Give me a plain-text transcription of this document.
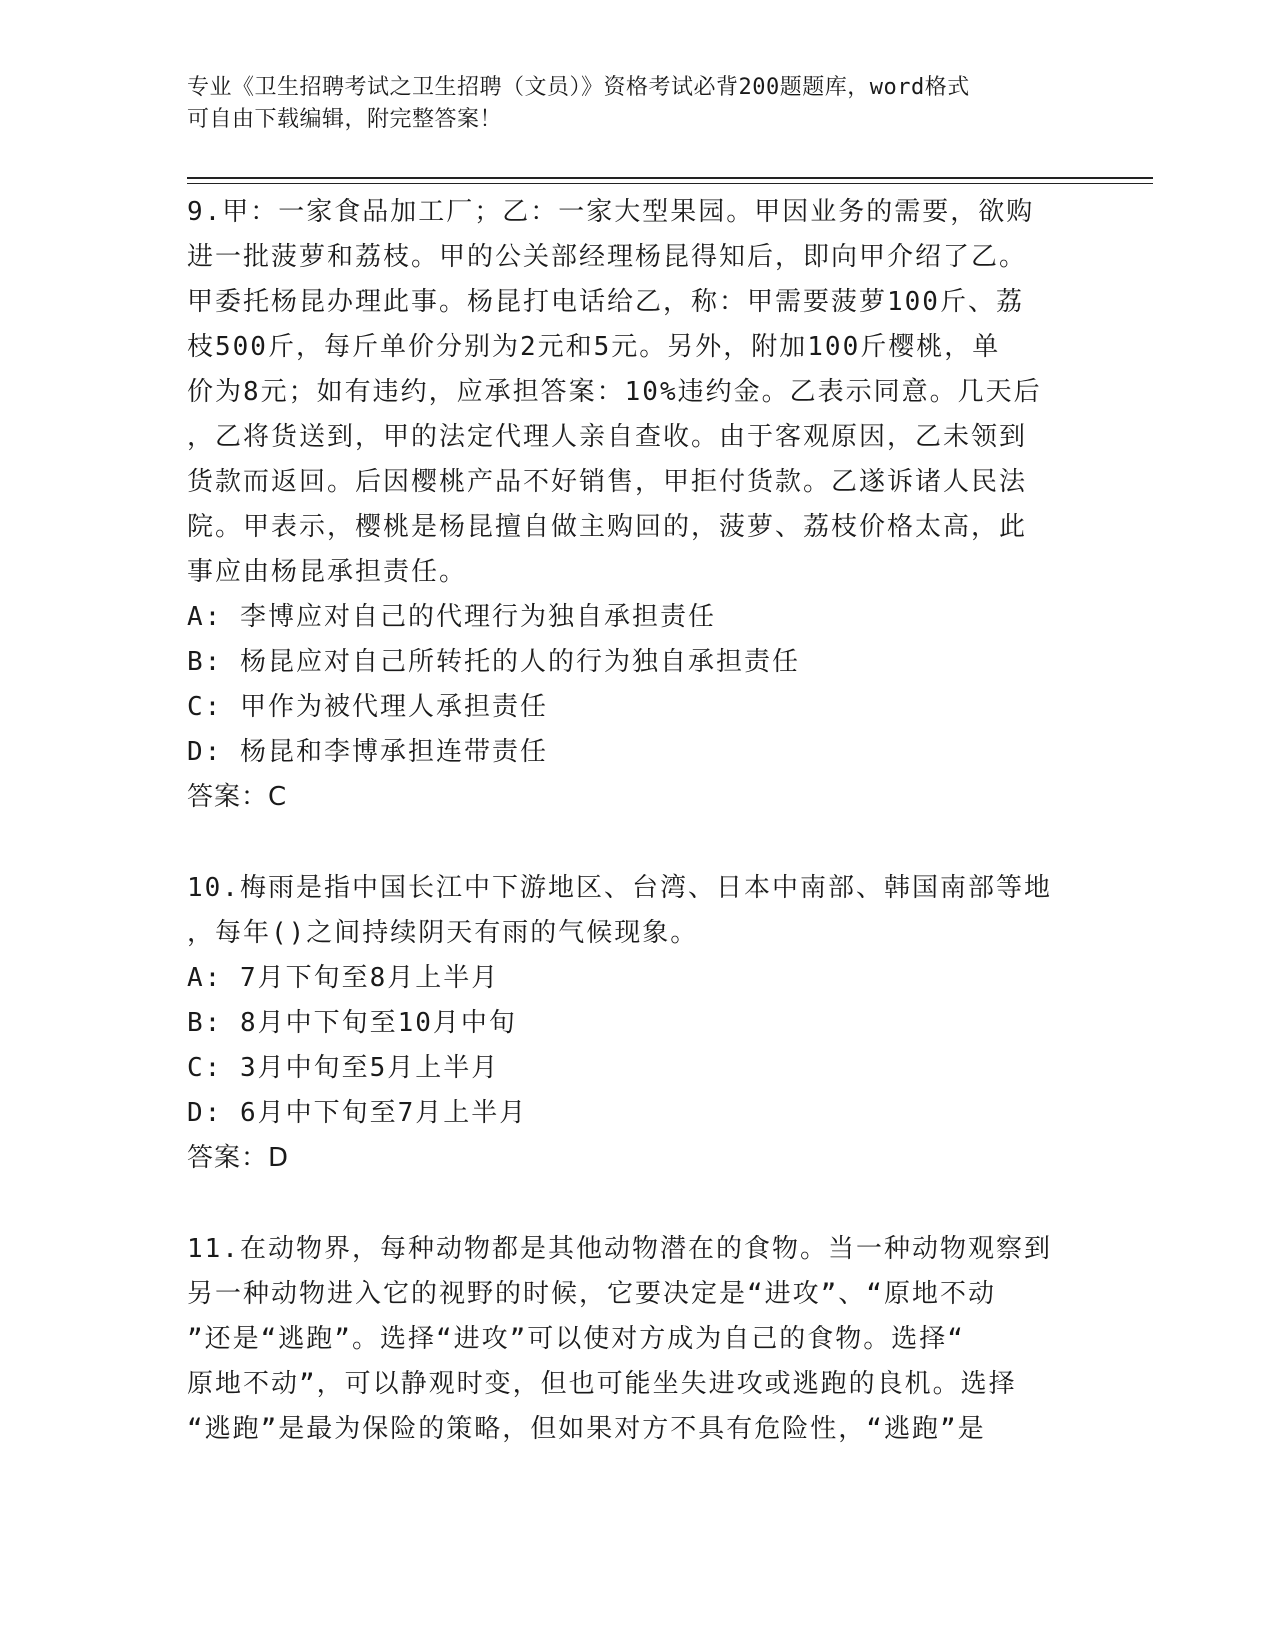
专业《卫生招聘考试之卫生招聘（文员）》资格考试必背200题题库，word格式
可自由下载编辑，附完整答案！

9.甲：一家食品加工厂；乙：一家大型果园。甲因业务的需要，欲购

进一批菠萝和荔枝。甲的公关部经理杨昆得知后，即向甲介绍了乙。

甲委托杨昆办理此事。杨昆打电话给乙，称：甲需要菠萝100斤、荔

枝500斤，每斤单价分别为2元和5元。另外，附加100斤樱桃，单

价为8元；如有违约，应承担答案：10%违约金。乙表示同意。几天后

，乙将货送到，甲的法定代理人亲自查收。由于客观原因，乙未领到

货款而返回。后因樱桃产品不好销售，甲拒付货款。乙遂诉诸人民法

院。甲表示，樱桃是杨昆擅自做主购回的，菠萝、荔枝价格太高，此

事应由杨昆承担责任。

A: 李博应对自己的代理行为独自承担责任

B: 杨昆应对自己所转托的人的行为独自承担责任

C: 甲作为被代理人承担责任

D: 杨昆和李博承担连带责任

答案：C

10.梅雨是指中国长江中下游地区、台湾、日本中南部、韩国南部等地

，每年()之间持续阴天有雨的气候现象。

A: 7月下旬至8月上半月

B: 8月中下旬至10月中旬

C: 3月中旬至5月上半月

D: 6月中下旬至7月上半月

答案：D

11.在动物界，每种动物都是其他动物潜在的食物。当一种动物观察到

另一种动物进入它的视野的时候，它要决定是“进攻”、“原地不动

”还是“逃跑”。选择“进攻”可以使对方成为自己的食物。选择“

原地不动”，可以静观时变，但也可能坐失进攻或逃跑的良机。选择

“逃跑”是最为保险的策略，但如果对方不具有危险性，“逃跑”是
